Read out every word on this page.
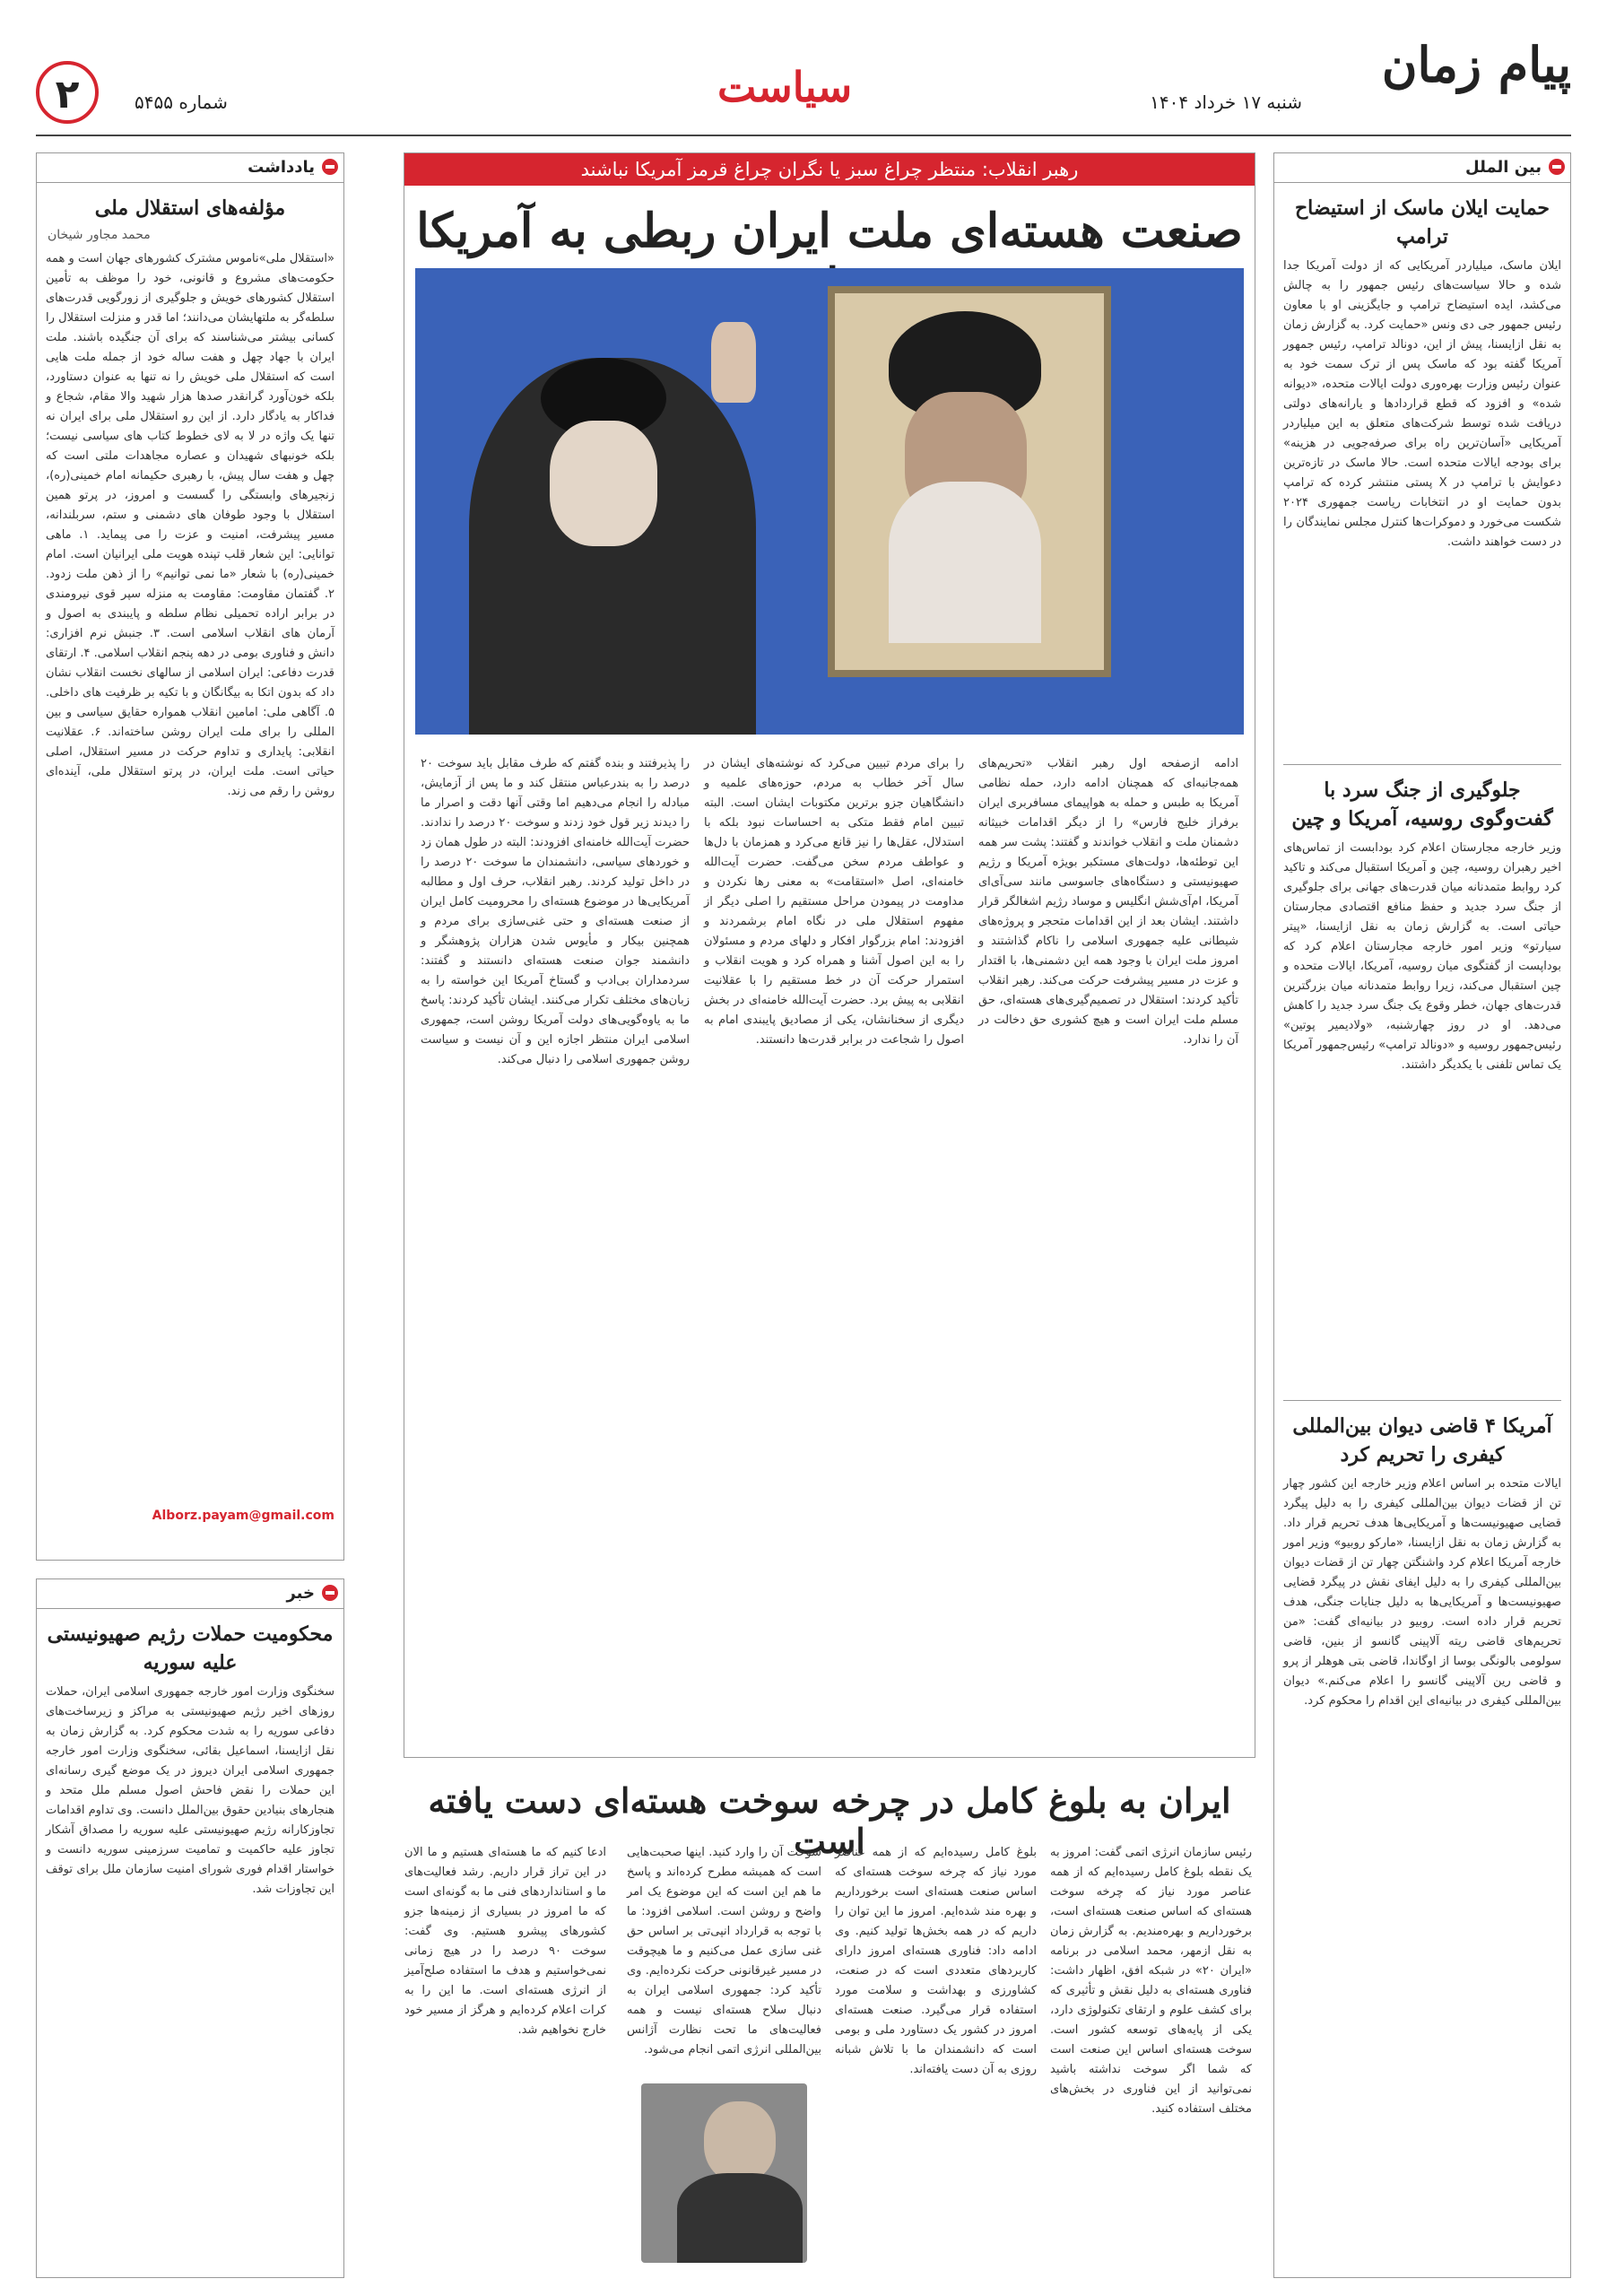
پیام زمان
شنبه ۱۷ خرداد ۱۴۰۴
سیاست
شماره ۵۴۵۵
۲
یادداشت
مؤلفه‌های استقلال ملی
محمد مجاور شیخان

«استقلال ملی»ناموس مشترک کشورهای جهان است و همه حکومت‌های مشروع و قانونی، خود را موظف به تأمین استقلال کشورهای خویش و جلوگیری از زورگویی قدرت‌های سلطه‌گر به ملتهایشان می‌دانند؛ اما قدر و منزلت استقلال را کسانی بیشتر می‌شناسند که برای آن جنگیده باشند. ملت ایران با جهاد چهل و هفت ساله خود از جمله ملت هایی است که استقلال ملی خویش را نه تنها به عنوان دستاورد، بلکه خون‌آورد گرانقدر صدها هزار شهید والا مقام، شجاع و فداکار به یادگار دارد. از این رو استقلال ملی برای ایران نه تنها یک واژه در لا به لای خطوط کتاب های سیاسی نیست؛ بلکه خونبهای شهیدان و عصاره مجاهدات ملتی است که چهل و هفت سال پیش، با رهبری حکیمانه امام خمینی(ره)، زنجیرهای وابستگی را گسست و امروز، در پرتو همین استقلال با وجود طوفان های دشمنی و ستم، سربلندانه، مسیر پیشرفت، امنیت و عزت را می پیماید. ۱. ماهی توانایی: این شعار قلب تپنده هویت ملی ایرانیان است. امام خمینی(ره) با شعار «ما نمی توانیم» را از ذهن ملت زدود. ۲. گفتمان مقاومت: مقاومت به منزله سپر قوی نیرومندی در برابر اراده تحمیلی نظام سلطه و پایبندی به اصول و آرمان های انقلاب اسلامی است. ۳. جنبش نرم افزاری: دانش و فناوری بومی در دهه پنجم انقلاب اسلامی. ۴. ارتقای قدرت دفاعی: ایران اسلامی از سالهای نخست انقلاب نشان داد که بدون اتکا به بیگانگان و با تکیه بر ظرفیت های داخلی. ۵. آگاهی ملی: امامین انقلاب همواره حقایق سیاسی و بین المللی را برای ملت ایران روشن ساخته‌اند. ۶. عقلانیت انقلابی: پایداری و تداوم حرکت در مسیر استقلال، اصلی حیاتی است. ملت ایران، در پرتو استقلال ملی، آینده‌ای روشن را رقم می زند.

Alborz.payam@gmail.com
خبر
محکومیت حملات رژیم صهیونیستی علیه سوریه

سخنگوی وزارت امور خارجه جمهوری اسلامی ایران، حملات روزهای اخیر رژیم صهیونیستی به مراکز و زیرساخت‌های دفاعی سوریه را به شدت محکوم کرد. به گزارش زمان به نقل ازایسنا، اسماعیل بقائی، سخنگوی وزارت امور خارجه جمهوری اسلامی ایران دیروز در یک موضع گیری رسانه‌ای این حملات را نقض فاحش اصول مسلم ملل متحد و هنجارهای بنیادین حقوق بین‌الملل دانست. وی تداوم اقدامات تجاوزکارانه رژیم صهیونیستی علیه سوریه را مصداق آشکار تجاوز علیه حاکمیت و تمامیت سرزمینی سوریه دانست و خواستار اقدام فوری شورای امنیت سازمان ملل برای توقف این تجاوزات شد.

بین الملل
حمایت ایلان ماسک از استیضاح ترامپ

ایلان ماسک، میلیاردر آمریکایی که از دولت آمریکا جدا شده و حالا سیاست‌های رئیس جمهور را به چالش می‌کشد، ایده استیضاح ترامپ و جایگزینی او با معاون رئیس جمهور جی دی ونس «حمایت کرد. به گزارش زمان به نقل ازایسنا، پیش از این، دونالد ترامپ، رئیس جمهور آمریکا گفته بود که ماسک پس از ترک سمت خود به عنوان رئیس وزارت بهره‌وری دولت ایالات متحده، «دیوانه شده» و افزود که قطع قراردادها و یارانه‌های دولتی دریافت شده توسط شرکت‌های متعلق به این میلیاردر آمریکایی «آسان‌ترین راه برای صرفه‌جویی در هزینه» برای بودجه ایالات متحده است. حالا ماسک در تازه‌ترین دعوایش با ترامپ در X پستی منتشر کرده که ترامپ بدون حمایت او در انتخابات ریاست جمهوری ۲۰۲۴ شکست می‌خورد و دموکرات‌ها کنترل مجلس نمایندگان را در دست خواهند داشت.

جلوگیری از جنگ سرد با گفت‌وگوی روسیه، آمریکا و چین

وزیر خارجه مجارستان اعلام کرد بودابست از تماس‌های اخیر رهبران روسیه، چین و آمریکا استقبال می‌کند و تاکید کرد روابط متمدنانه میان قدرت‌های جهانی برای جلوگیری از جنگ سرد جدید و حفظ منافع اقتصادی مجارستان حیاتی است. به گزارش زمان به نقل ازایسنا، «پیتر سیارتو» وزیر امور خارجه مجارستان اعلام کرد که بوداپست از گفتگوی میان روسیه، آمریکا، ایالات متحده و چین استقبال می‌کند، زیرا روابط متمدنانه میان بزرگترین قدرت‌های جهان، خطر وقوع یک جنگ سرد جدید را کاهش می‌دهد. او در روز چهارشنبه، «ولادیمیر پوتین» رئیس‌جمهور روسیه و «دونالد ترامپ» رئیس‌جمهور آمریکا یک تماس تلفنی با یکدیگر داشتند.

آمریکا ۴ قاضی دیوان بین‌المللی کیفری را تحریم کرد

ایالات متحده بر اساس اعلام وزیر خارجه این کشور چهار تن از قضات دیوان بین‌المللی کیفری را به دلیل پیگرد قضایی صهیونیست‌ها و آمریکایی‌ها هدف تحریم قرار داد. به گزارش زمان به نقل ازایسنا، «مارکو روبیو» وزیر امور خارجه آمریکا اعلام کرد واشنگتن چهار تن از قضات دیوان بین‌المللی کیفری را به دلیل ایفای نقش در پیگرد قضایی صهیونیست‌ها و آمریکایی‌ها به دلیل جنایات جنگی، هدف تحریم قرار داده است. روبیو در بیانیه‌ای گفت: «من تحریم‌های قاضی ریته آلاپینی گانسو از بنین، قاضی سولومی بالونگی بوسا از اوگاندا، قاضی بتی هوهلر از پرو و قاضی رین آلاپینی گانسو را اعلام می‌کنم.» دیوان بین‌المللی کیفری در بیانیه‌ای این اقدام را محکوم کرد.

رهبر انقلاب: منتظر چراغ سبز یا نگران چراغ قرمز آمریکا نباشند
صنعت هسته‌ای ملت ایران ربطی به آمریکا

ادامه ازصفحه اول رهبر انقلاب «تحریم‌های همه‌جانبه‌ای که همچنان ادامه دارد، حمله نظامی آمریکا به طبس و حمله به هواپیمای مسافربری ایران برفراز خلیج فارس» را از دیگر اقدامات خبیثانه دشمنان ملت و انقلاب خواندند و گفتند: پشت سر همه این توطئه‌ها، دولت‌های مستکبر بویژه آمریکا و رژیم صهیونیستی و دستگاه‌های جاسوسی مانند سی‌آی‌ای آمریکا، ام‌آی‌شش انگلیس و موساد رژیم اشغالگر قرار داشتند. ایشان بعد از این اقدامات متحجر و پروژه‌های شیطانی علیه جمهوری اسلامی را ناکام گذاشتند و امروز ملت ایران با وجود همه این دشمنی‌ها، با اقتدار و عزت در مسیر پیشرفت حرکت می‌کند. رهبر انقلاب تأکید کردند: استقلال در تصمیم‌گیری‌های هسته‌ای، حق مسلم ملت ایران است و هیچ کشوری حق دخالت در آن را ندارد.

را برای مردم تبیین می‌کرد که نوشته‌های ایشان در سال آخر خطاب به مردم، حوزه‌های علمیه و دانشگاهیان جزو برترین مکتوبات ایشان است. البته تبیین امام فقط متکی به احساسات نبود بلکه با استدلال، عقل‌ها را نیز قانع می‌کرد و همزمان با دل‌ها و عواطف مردم سخن می‌گفت. حضرت آیت‌الله خامنه‌ای، اصل «استقامت» به معنی رها نکردن و مداومت در پیمودن مراحل مستقیم را اصلی دیگر از مفهوم استقلال ملی در نگاه امام برشمردند و افزودند: امام بزرگوار افکار و دلهای مردم و مسئولان را به این اصول آشنا و همراه کرد و هویت انقلاب و استمرار حرکت آن در خط مستقیم را با عقلانیت انقلابی به پیش برد. حضرت آیت‌الله خامنه‌ای در بخش دیگری از سخنانشان، یکی از مصادیق پایبندی امام به اصول را شجاعت در برابر قدرت‌ها دانستند.

را پذیرفتند و بنده گفتم که طرف مقابل باید سوخت ۲۰ درصد را به بندرعباس منتقل کند و ما پس از آزمایش، مبادله را انجام می‌دهیم اما وقتی آنها دقت و اصرار ما را دیدند زیر قول خود زدند و سوخت ۲۰ درصد را ندادند. حضرت آیت‌الله خامنه‌ای افزودند: البته در طول همان زد و خوردهای سیاسی، دانشمندان ما سوخت ۲۰ درصد را در داخل تولید کردند. رهبر انقلاب، حرف اول و مطالبه آمریکایی‌ها در موضوع هسته‌ای را محرومیت کامل ایران از صنعت هسته‌ای و حتی غنی‌سازی برای مردم و همچنین بیکار و مأیوس شدن هزاران پژوهشگر و دانشمند جوان صنعت هسته‌ای دانستند و گفتند: سردمداران بی‌ادب و گستاخ آمریکا این خواسته را به زبان‌های مختلف تکرار می‌کنند. ایشان تأکید کردند: پاسخ ما به یاوه‌گویی‌های دولت آمریکا روشن است، جمهوری اسلامی ایران منتظر اجازه این و آن نیست و سیاست روشن جمهوری اسلامی را دنبال می‌کند.

ایران به بلوغ کامل در چرخه سوخت هسته‌ای دست یافته است	رئیس سازمان انرژی اتمی گفت: امروز به یک نقطه بلوغ کامل رسیده‌ایم که از همه عناصر مورد نیاز که چرخه سوخت هسته‌ای که اساس صنعت هسته‌ای است، برخورداریم و بهره‌مندیم. به گزارش زمان به نقل ازمهر، محمد اسلامی در برنامه «ایران ۲۰» در شبکه افق، اظهار داشت: فناوری هسته‌ای به دلیل نقش و تأثیری که برای کشف علوم و ارتقای تکنولوژی دارد، یکی از پایه‌های توسعه کشور است. سوخت هسته‌ای اساس این صنعت است که شما اگر سوخت نداشته باشید نمی‌توانید از این فناوری در بخش‌های مختلف استفاده کنید.

بلوغ کامل رسیده‌ایم که از همه عناصر مورد نیاز که چرخه سوخت هسته‌ای که اساس صنعت هسته‌ای است برخورداریم و بهره مند شده‌ایم. امروز ما این توان را داریم که در همه بخش‌ها تولید کنیم. وی ادامه داد: فناوری هسته‌ای امروز دارای کاربردهای متعددی است که در صنعت، کشاورزی و بهداشت و سلامت مورد استفاده قرار می‌گیرد. صنعت هسته‌ای امروز در کشور یک دستاورد ملی و بومی است که دانشمندان ما با تلاش شبانه روزی به آن دست یافته‌اند.

سوخت آن را وارد کنید. اینها صحبت‌هایی است که همیشه مطرح کرده‌اند و پاسخ ما هم این است که این موضوع یک امر واضح و روشن است. اسلامی افزود: ما با توجه به قرارداد انپی‌تی بر اساس حق غنی سازی عمل می‌کنیم و ما هیچوقت در مسیر غیرقانونی حرکت نکرده‌ایم. وی تأکید کرد: جمهوری اسلامی ایران به دنبال سلاح هسته‌ای نیست و همه فعالیت‌های ما تحت نظارت آژانس بین‌المللی انرژی اتمی انجام می‌شود.

ادعا کنیم که ما هسته‌ای هستیم و ما الان در این تراز قرار داریم. رشد فعالیت‌های ما و استانداردهای فنی ما به گونه‌ای است که ما امروز در بسیاری از زمینه‌ها جزو کشورهای پیشرو هستیم. وی گفت: سوخت ۹۰ درصد را در هیچ زمانی نمی‌خواستیم و هدف ما استفاده صلح‌آمیز از انرژی هسته‌ای است. ما این را به کرات اعلام کرده‌ایم و هرگز از مسیر خود خارج نخواهیم شد.
